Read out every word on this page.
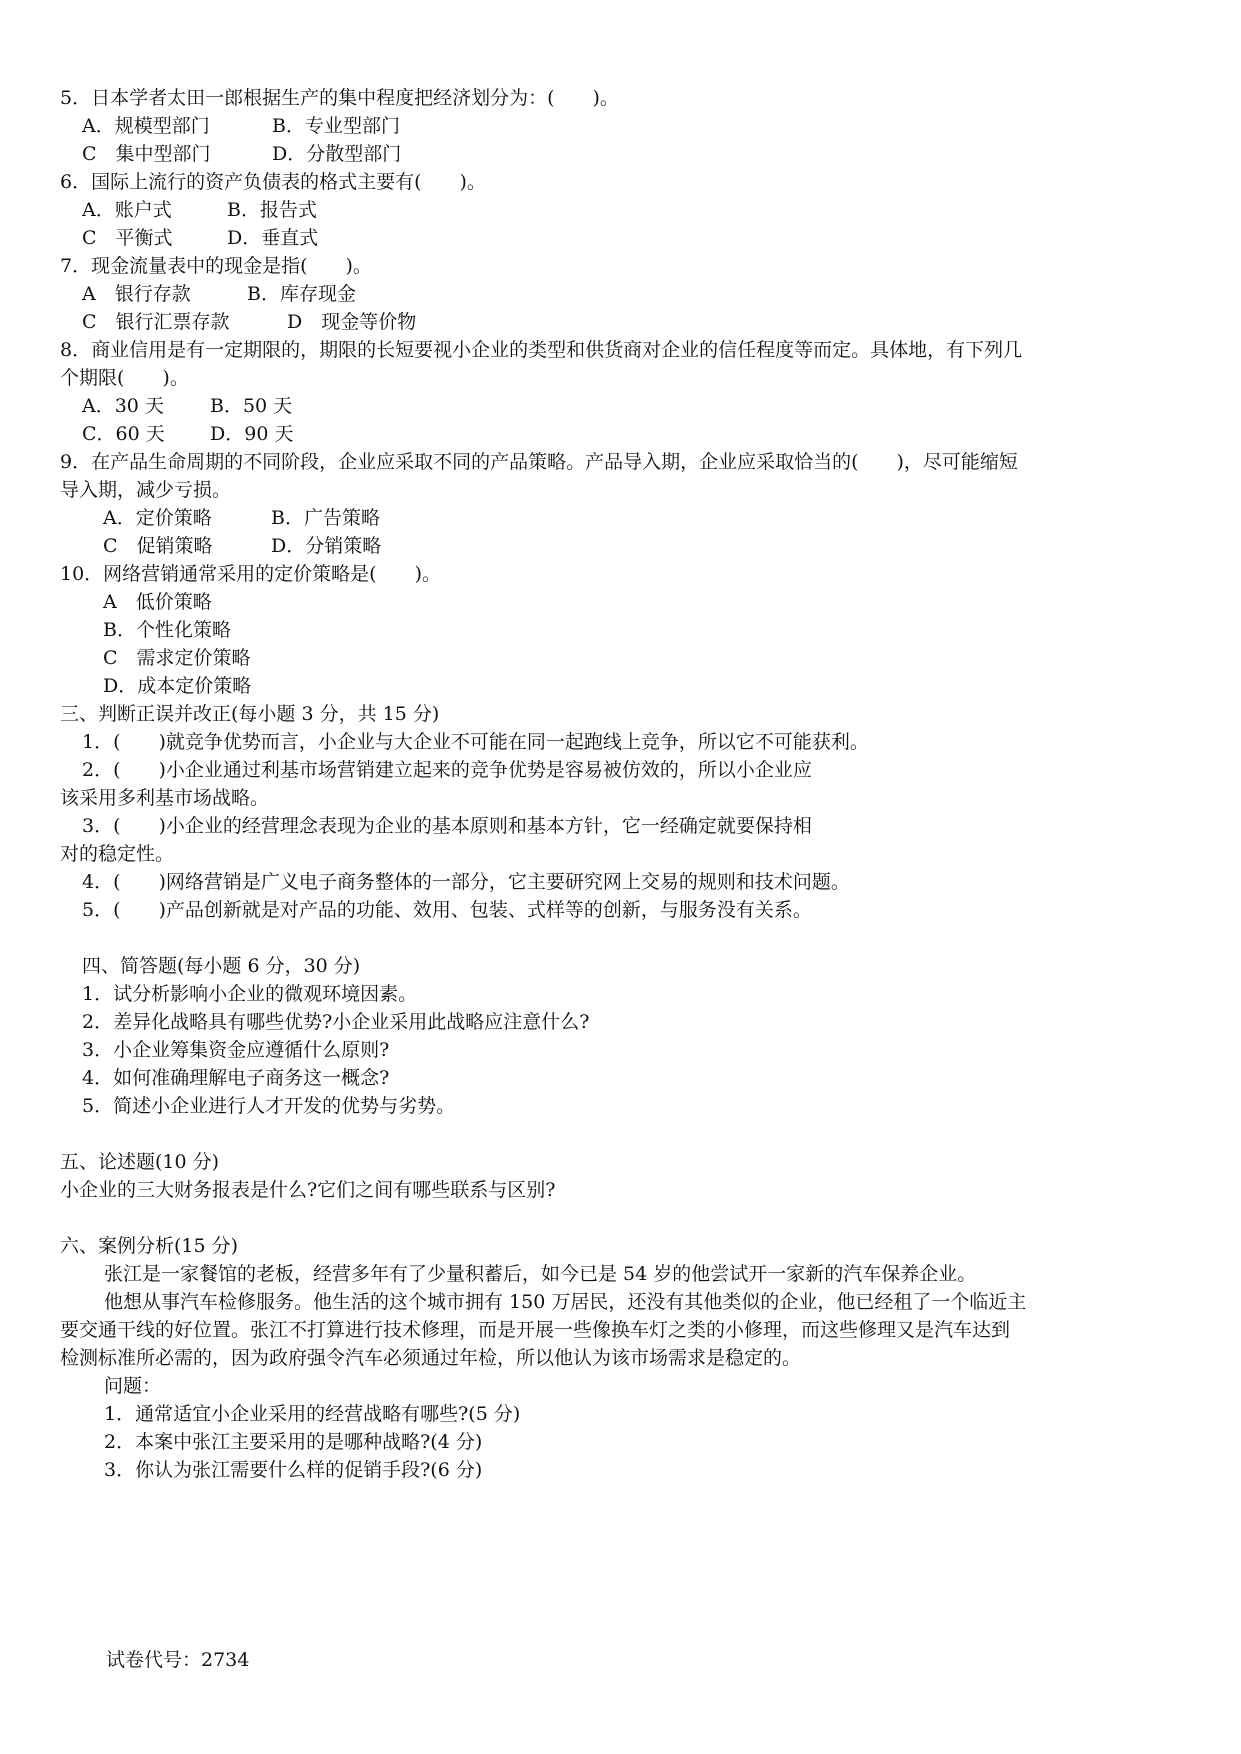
5．日本学者太田一郎根据生产的集中程度把经济划分为：(　　)。
A．规模型部门	B．专业型部门
C　集中型部门	D．分散型部门
6．国际上流行的资产负债表的格式主要有(　　)。
A．账户式	B．报告式
C　平衡式	D．垂直式
7．现金流量表中的现金是指(　　)。
A　银行存款	B．库存现金
C　银行汇票存款	D　现金等价物
8．商业信用是有一定期限的，期限的长短要视小企业的类型和供货商对企业的信任程度等而定。具体地，有下列几
个期限(　　)。
A．30 天 B．50 天
C．60 天 D．90 天
9．在产品生命周期的不同阶段，企业应采取不同的产品策略。产品导入期，企业应采取恰当的(　　)，尽可能缩短
导入期，减少亏损。
A．定价策略	B．广告策略
C　促销策略	D．分销策略
10．网络营销通常采用的定价策略是(　　)。
A　低价策略
B．个性化策略
C　需求定价策略
D．成本定价策略
三、判断正误并改正(每小题 3 分，共 15 分)
1．(　　)就竞争优势而言，小企业与大企业不可能在同一起跑线上竞争，所以它不可能获利。
2．(　　)小企业通过利基市场营销建立起来的竞争优势是容易被仿效的，所以小企业应
该采用多利基市场战略。
3．(　　)小企业的经营理念表现为企业的基本原则和基本方针，它一经确定就要保持相
对的稳定性。
4．(　　)网络营销是广义电子商务整体的一部分，它主要研究网上交易的规则和技术问题。
5．(　　)产品创新就是对产品的功能、效用、包装、式样等的创新，与服务没有关系。
四、简答题(每小题 6 分，30 分)
1．试分析影响小企业的微观环境因素。
2．差异化战略具有哪些优势?小企业采用此战略应注意什么?
3．小企业筹集资金应遵循什么原则?
4．如何准确理解电子商务这一概念?
5．简述小企业进行人才开发的优势与劣势。
五、论述题(10 分)
小企业的三大财务报表是什么?它们之间有哪些联系与区别?
六、案例分析(15 分)
张江是一家餐馆的老板，经营多年有了少量积蓄后，如今已是 54 岁的他尝试开一家新的汽车保养企业。
他想从事汽车检修服务。他生活的这个城市拥有 150 万居民，还没有其他类似的企业，他已经租了一个临近主
要交通干线的好位置。张江不打算进行技术修理，而是开展一些像换车灯之类的小修理，而这些修理又是汽车达到
检测标准所必需的，因为政府强令汽车必须通过年检，所以他认为该市场需求是稳定的。
问题：
1．通常适宜小企业采用的经营战略有哪些?(5 分)
2．本案中张江主要采用的是哪种战略?(4 分)
3．你认为张江需要什么样的促销手段?(6 分)
试卷代号：2734
